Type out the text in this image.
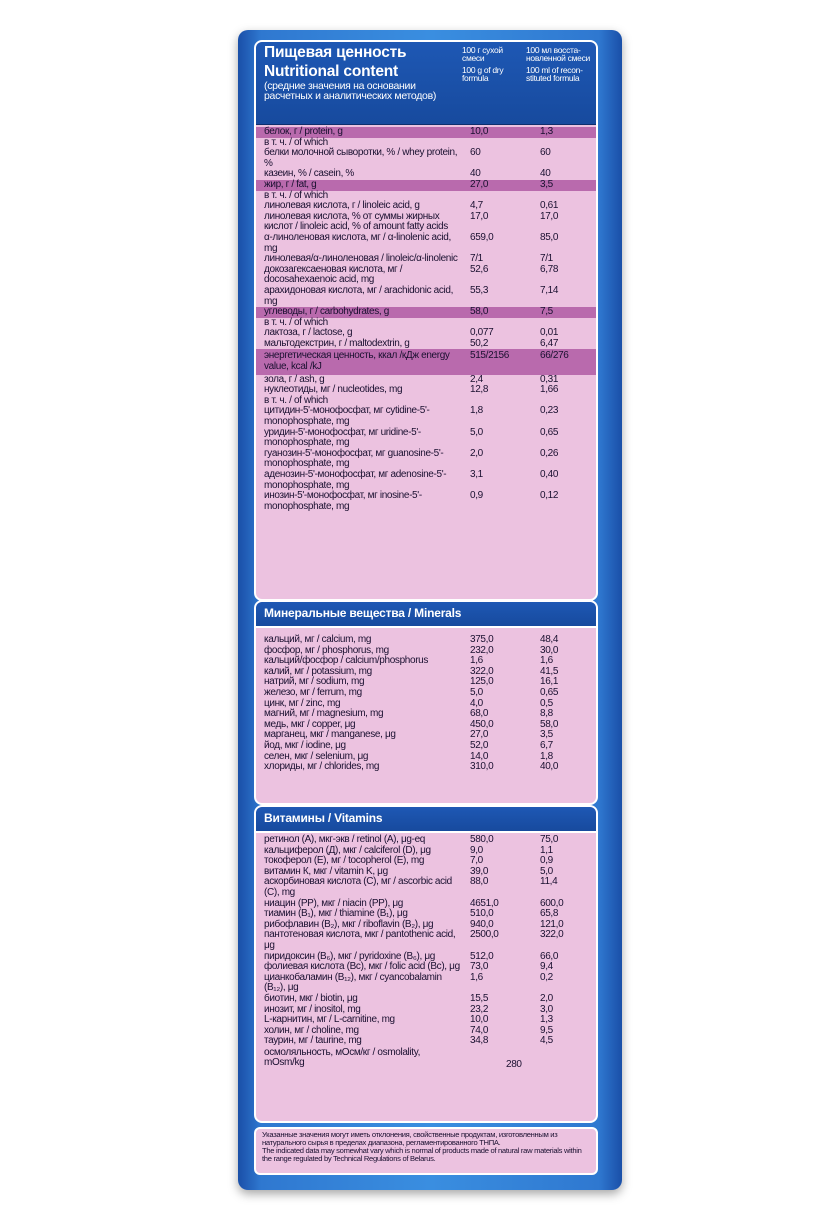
Пищевая ценность
Nutritional content
(средние значения на основании расчетных и аналитических методов)
100 г сухой смеси
100 g of dry formula
100 мл восста-новленной смеси
100 ml of recon-stituted formula
белок, г / protein, g	10,0	1,3
в т. ч. / of which
белки молочной сыворотки, % / whey protein, %
60	60
казеин, % / casein, %	40	40
жир, г / fat, g	27,0	3,5
в т. ч. / of which
линолевая кислота, г / linoleic acid, g	4,7	0,61
линолевая кислота, % от суммы жирных кислот / linoleic acid, % of amount fatty acids
17,0	17,0
α-линоленовая кислота, мг / α-linolenic acid, mg
659,0	85,0
линолевая/α-линоленовая / linoleic/α-linolenic	7/1	7/1
докозагексаеновая кислота, мг / docosahexaenoic acid, mg
52,6	6,78
арахидоновая кислота, мг / arachidonic acid, mg
55,3	7,14
углеводы, г / carbohydrates, g	58,0	7,5
в т. ч. / of which
лактоза, г / lactose, g	0,077	0,01
мальтодекстрин, г / maltodextrin, g	50,2	6,47
энергетическая ценность, ккал /кДж energy value, kcal /kJ
515/2156	66/276
зола, г / ash, g	2,4	0,31
нуклеотиды, мг / nucleotides, mg	12,8	1,66
в т. ч. / of which
цитидин-5'-монофосфат, мг cytidine-5'-monophosphate, mg
1,8	0,23
уридин-5'-монофосфат, мг uridine-5'-monophosphate, mg
5,0	0,65
гуанозин-5'-монофосфат, мг guanosine-5'-monophosphate, mg
2,0	0,26
аденозин-5'-монофосфат, мг adenosine-5'-monophosphate, mg
3,1	0,40
инозин-5'-монофосфат, мг inosine-5'-monophosphate, mg
0,9	0,12
Минеральные вещества / Minerals
кальций, мг / calcium, mg	375,0	48,4
фосфор, мг / phosphorus, mg	232,0	30,0
кальций/фосфор / calcium/phosphorus	1,6	1,6
калий, мг / potassium, mg	322,0	41,5
натрий, мг / sodium, mg	125,0	16,1
железо, мг / ferrum, mg	5,0	0,65
цинк, мг / zinc, mg	4,0	0,5
магний, мг / magnesium, mg	68,0	8,8
медь, мкг / copper, μg	450,0	58,0
марганец, мкг / manganese, μg	27,0	3,5
йод, мкг / iodine, μg	52,0	6,7
селен, мкг / selenium, μg	14,0	1,8
хлориды, мг / chlorides, mg	310,0	40,0
Витамины / Vitamins
ретинол (А), мкг-экв / retinol (A), μg-eq	580,0	75,0
кальциферол (Д), мкг / calciferol (D), μg	9,0	1,1
токоферол (Е), мг / tocopherol (E), mg	7,0	0,9
витамин К, мкг / vitamin K, μg	39,0	5,0
аскорбиновая кислота (С), мг / ascorbic acid (C), mg
88,0	11,4
ниацин (РР), мкг / niacin (PP), μg	4651,0	600,0
тиамин (B₁), мкг / thiamine (B₁), μg	510,0	65,8
рибофлавин (B₂), мкг / riboflavin (B₂), μg	940,0	121,0
пантотеновая кислота, мкг / pantothenic acid, μg
2500,0	322,0
пиридоксин (B₆), мкг / pyridoxine (B₆), μg	512,0	66,0
фолиевая кислота (Bc), мкг / folic acid (Bc), μg	73,0	9,4
цианкобаламин (B₁₂), мкг / cyancobalamin (B₁₂), μg
1,6	0,2
биотин, мкг / biotin, μg	15,5	2,0
инозит, мг / inositol, mg	23,2	3,0
L-карнитин, мг / L-carnitine, mg	10,0	1,3
холин, мг / choline, mg	74,0	9,5
таурин, мг / taurine, mg	34,8	4,5
осмоляльность, мОсм/кг / osmolality, mOsm/kg	280
Указанные значения могут иметь отклонения, свойственные продуктам, изготовленным из натурального сырья в пределах диапазона, регламентированного ТНПА.
The indicated data may somewhat vary which is normal of products made of natural raw materials within the range regulated by Technical Regulations of Belarus.
